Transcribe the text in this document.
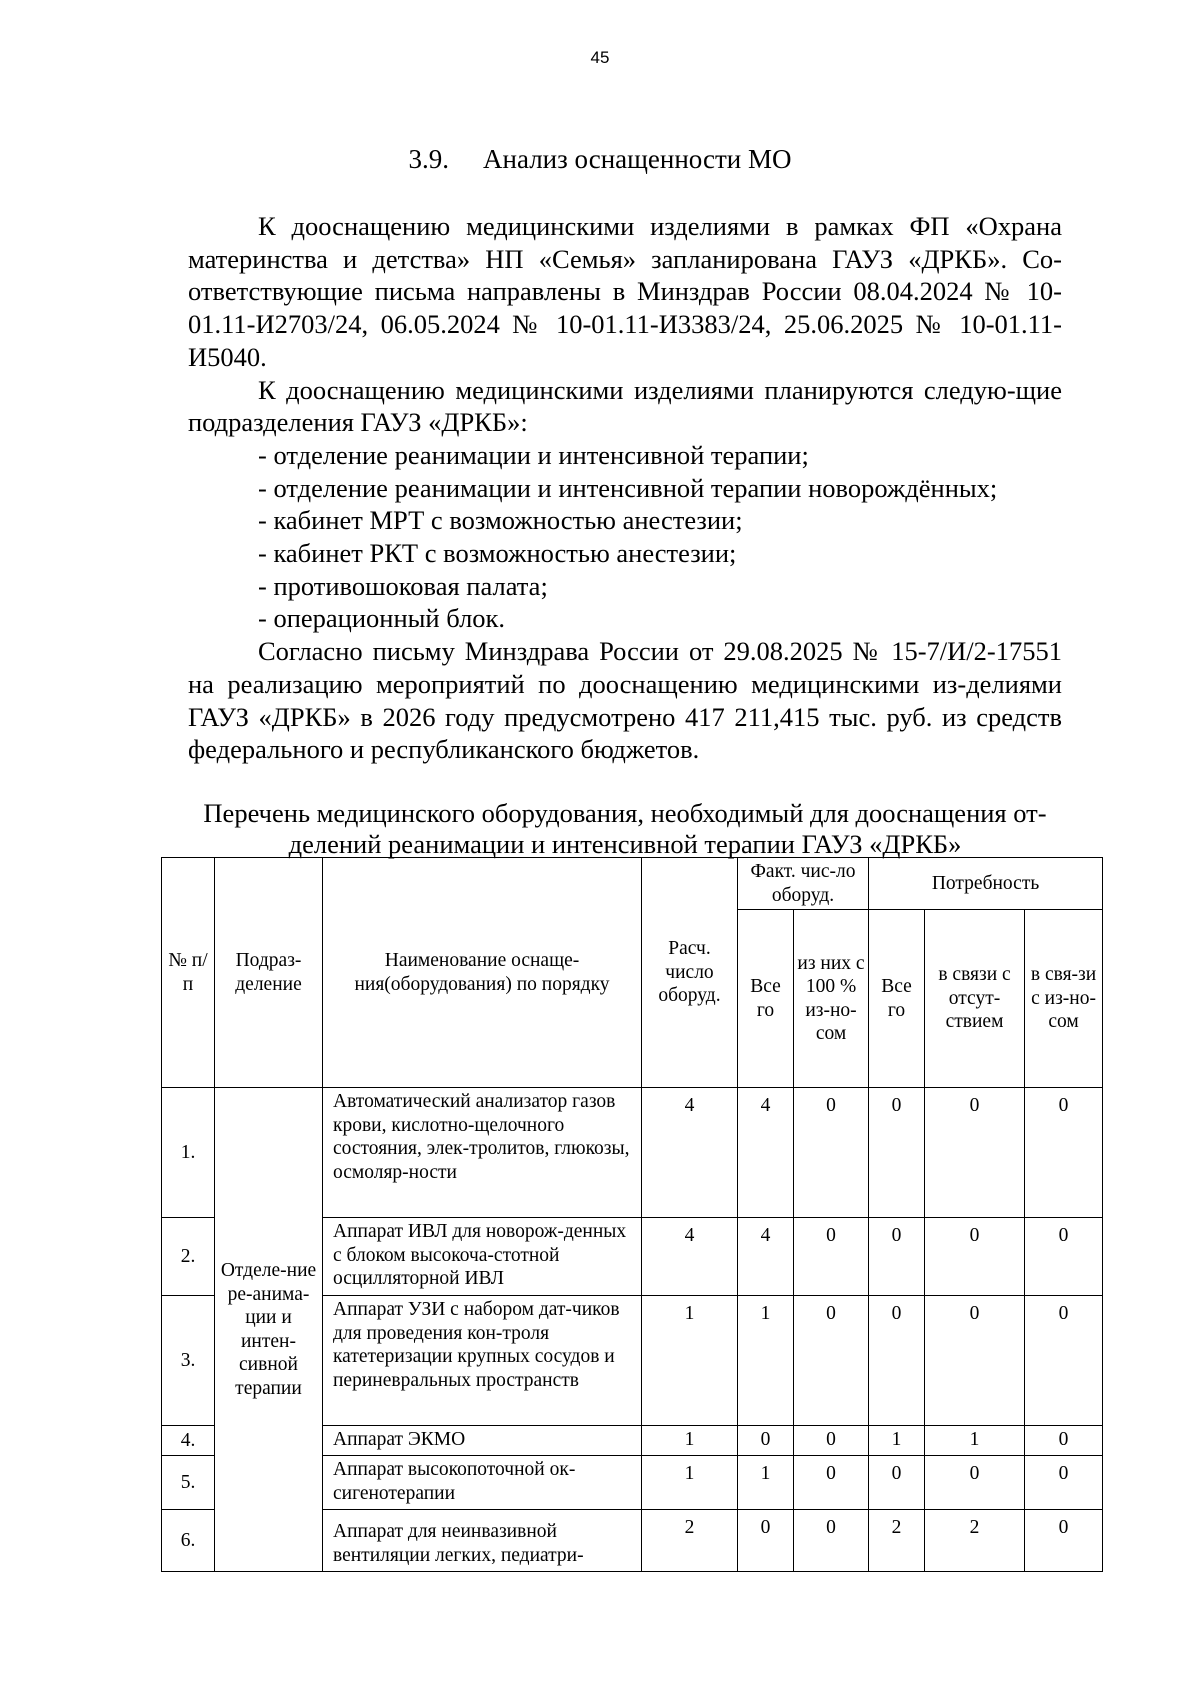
45
3.9. Анализ оснащенности МО

К дооснащению медицинскими изделиями в рамках ФП «Охрана материнства и детства» НП «Семья» запланирована ГАУЗ «ДРКБ». Со-ответствующие письма направлены в Минздрав России 08.04.2024 № 10-01.11-И2703/24, 06.05.2024 № 10-01.11-И3383/24, 25.06.2025 № 10-01.11-И5040.

К дооснащению медицинскими изделиями планируются следую-щие подразделения ГАУЗ «ДРКБ»:

- отделение реанимации и интенсивной терапии;

- отделение реанимации и интенсивной терапии новорождённых;

- кабинет МРТ с возможностью анестезии;

- кабинет РКТ с возможностью анестезии;

- противошоковая палата;

- операционный блок.

Согласно письму Минздрава России от 29.08.2025 № 15-7/И/2-17551 на реализацию мероприятий по дооснащению медицинскими из-делиями ГАУЗ «ДРКБ» в 2026 году предусмотрено 417 211,415 тыс. руб. из средств федерального и республиканского бюджетов.

Перечень медицинского оборудования, необходимый для дооснащения от-делений реанимации и интенсивной терапии ГАУЗ «ДРКБ»
№ п/п	Подраз-деление	Наименование оснаще-ния(оборудования) по порядку	Расч. число оборуд.	Факт. чис-ло оборуд.		Потребность		
				Все го	из них с 100 % из-но-сом	Все го	в связи с отсут-ствием	в свя-зи с из-но-сом
1.	Отделе-ние ре-анима-ции и интен-сивной терапии	Автоматический анализатор газов крови, кислотно-щелочного состояния, элек-тролитов, глюкозы, осмоляр-ности	4	4	0	0	0	0
2.		Аппарат ИВЛ для новорож-денных с блоком высокоча-стотной осцилляторной ИВЛ	4	4	0	0	0	0
3.		Аппарат УЗИ с набором дат-чиков для проведения кон-троля катетеризации крупных сосудов и периневральных пространств	1	1	0	0	0	0
4.		Аппарат ЭКМО	1	0	0	1	1	0
5.		Аппарат высокопоточной ок-сигенотерапии	1	1	0	0	0	0
6.		Аппарат для неинвазивной вентиляции легких, педиатри-	2	0	0	2	2	0
